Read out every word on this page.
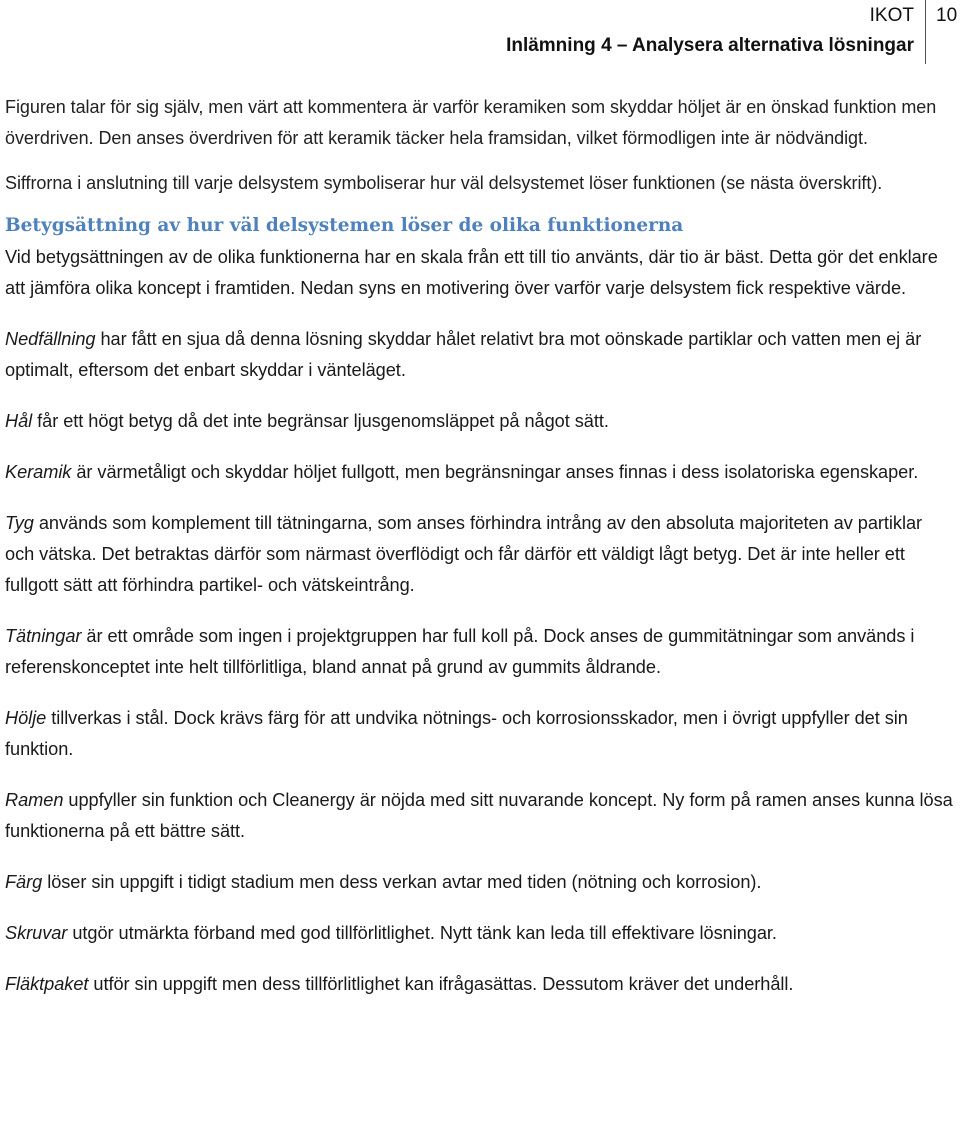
IKOT
Inlämning 4 – Analysera alternativa lösningar
10

Figuren talar för sig själv, men värt att kommentera är varför keramiken som skyddar höljet är en önskad funktion men överdriven. Den anses överdriven för att keramik täcker hela framsidan, vilket förmodligen inte är nödvändigt.

Siffrorna i anslutning till varje delsystem symboliserar hur väl delsystemet löser funktionen (se nästa överskrift).

Betygsättning av hur väl delsystemen löser de olika funktionerna

Vid betygsättningen av de olika funktionerna har en skala från ett till tio använts, där tio är bäst. Detta gör det enklare att jämföra olika koncept i framtiden. Nedan syns en motivering över varför varje delsystem fick respektive värde.

Nedfällning har fått en sjua då denna lösning skyddar hålet relativt bra mot oönskade partiklar och vatten men ej är optimalt, eftersom det enbart skyddar i vänteläget.

Hål får ett högt betyg då det inte begränsar ljusgenomsläppet på något sätt.

Keramik är värmetåligt och skyddar höljet fullgott, men begränsningar anses finnas i dess isolatoriska egenskaper.

Tyg används som komplement till tätningarna, som anses förhindra intrång av den absoluta majoriteten av partiklar och vätska. Det betraktas därför som närmast överflödigt och får därför ett väldigt lågt betyg. Det är inte heller ett fullgott sätt att förhindra partikel- och vätskeintrång.

Tätningar är ett område som ingen i projektgruppen har full koll på. Dock anses de gummitätningar som används i referenskonceptet inte helt tillförlitliga, bland annat på grund av gummits åldrande.

Hölje tillverkas i stål. Dock krävs färg för att undvika nötnings- och korrosionsskador, men i övrigt uppfyller det sin funktion.

Ramen uppfyller sin funktion och Cleanergy är nöjda med sitt nuvarande koncept. Ny form på ramen anses kunna lösa funktionerna på ett bättre sätt.

Färg löser sin uppgift i tidigt stadium men dess verkan avtar med tiden (nötning och korrosion).

Skruvar utgör utmärkta förband med god tillförlitlighet. Nytt tänk kan leda till effektivare lösningar.

Fläktpaket utför sin uppgift men dess tillförlitlighet kan ifrågasättas. Dessutom kräver det underhåll.
